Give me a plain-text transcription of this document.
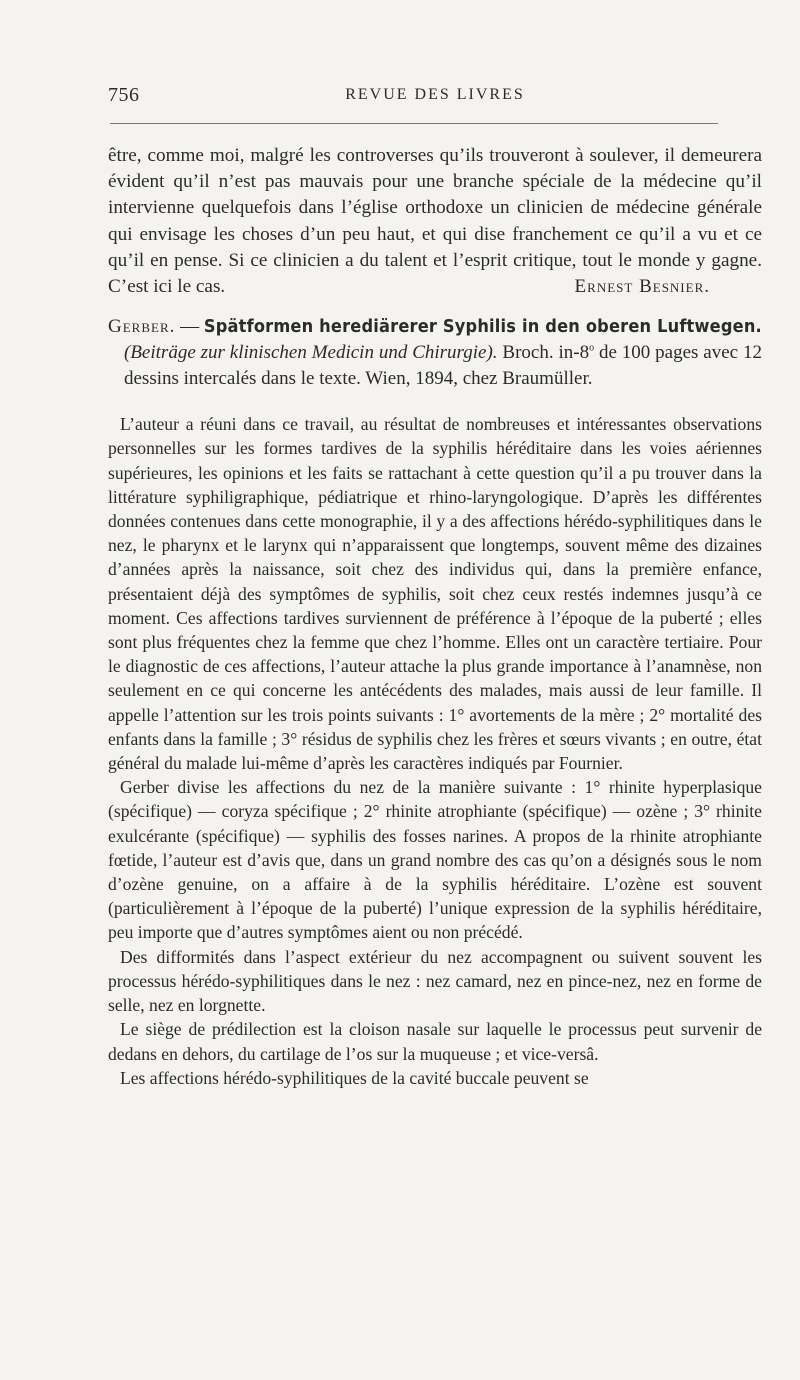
756	REVUE DES LIVRES

être, comme moi, malgré les controverses qu’ils trouveront à soulever, il demeurera évident qu’il n’est pas mauvais pour une branche spéciale de la médecine qu’il intervienne quelquefois dans l’église orthodoxe un clinicien de médecine générale qui envisage les choses d’un peu haut, et qui dise franchement ce qu’il a vu et ce qu’il en pense. Si ce clinicien a du talent et l’esprit critique, tout le monde y gagne. C’est ici le cas.	Ernest Besnier.

Gerber. — Spätformen herediärerer Syphilis in den oberen Luftwegen.
(Beiträge zur klinischen Medicin und Chirurgie). Broch. in-8$^o$ de 100 pages avec 12 dessins intercalés dans le texte. Wien, 1894, chez Braumüller.

L’auteur a réuni dans ce travail, au résultat de nombreuses et intéressantes observations personnelles sur les formes tardives de la syphilis héréditaire dans les voies aériennes supérieures, les opinions et les faits se rattachant à cette question qu’il a pu trouver dans la littérature syphiligraphique, pédiatrique et rhino-laryngologique. D’après les différentes données contenues dans cette monographie, il y a des affections hérédo-syphilitiques dans le nez, le pharynx et le larynx qui n’apparaissent que longtemps, souvent même des dizaines d’années après la naissance, soit chez des individus qui, dans la première enfance, présentaient déjà des symptômes de syphilis, soit chez ceux restés indemnes jusqu’à ce moment. Ces affections tardives surviennent de préférence à l’époque de la puberté ; elles sont plus fréquentes chez la femme que chez l’homme. Elles ont un caractère tertiaire. Pour le diagnostic de ces affections, l’auteur attache la plus grande importance à l’anamnèse, non seulement en ce qui concerne les antécédents des malades, mais aussi de leur famille. Il appelle l’attention sur les trois points suivants : 1° avortements de la mère ; 2° mortalité des enfants dans la famille ; 3° résidus de syphilis chez les frères et sœurs vivants ; en outre, état général du malade lui-même d’après les caractères indiqués par Fournier.

Gerber divise les affections du nez de la manière suivante : 1° rhinite hyperplasique (spécifique) — coryza spécifique ; 2° rhinite atrophiante (spécifique) — ozène ; 3° rhinite exulcérante (spécifique) — syphilis des fosses narines. A propos de la rhinite atrophiante fœtide, l’auteur est d’avis que, dans un grand nombre des cas qu’on a désignés sous le nom d’ozène genuine, on a affaire à de la syphilis héréditaire. L’ozène est souvent (particulièrement à l’époque de la puberté) l’unique expression de la syphilis héréditaire, peu importe que d’autres symptômes aient ou non précédé.

Des difformités dans l’aspect extérieur du nez accompagnent ou suivent souvent les processus hérédo-syphilitiques dans le nez : nez camard, nez en pince-nez, nez en forme de selle, nez en lorgnette.

Le siège de prédilection est la cloison nasale sur laquelle le processus peut survenir de dedans en dehors, du cartilage de l’os sur la muqueuse ; et vice-versâ.

Les affections hérédo-syphilitiques de la cavité buccale peuvent se
